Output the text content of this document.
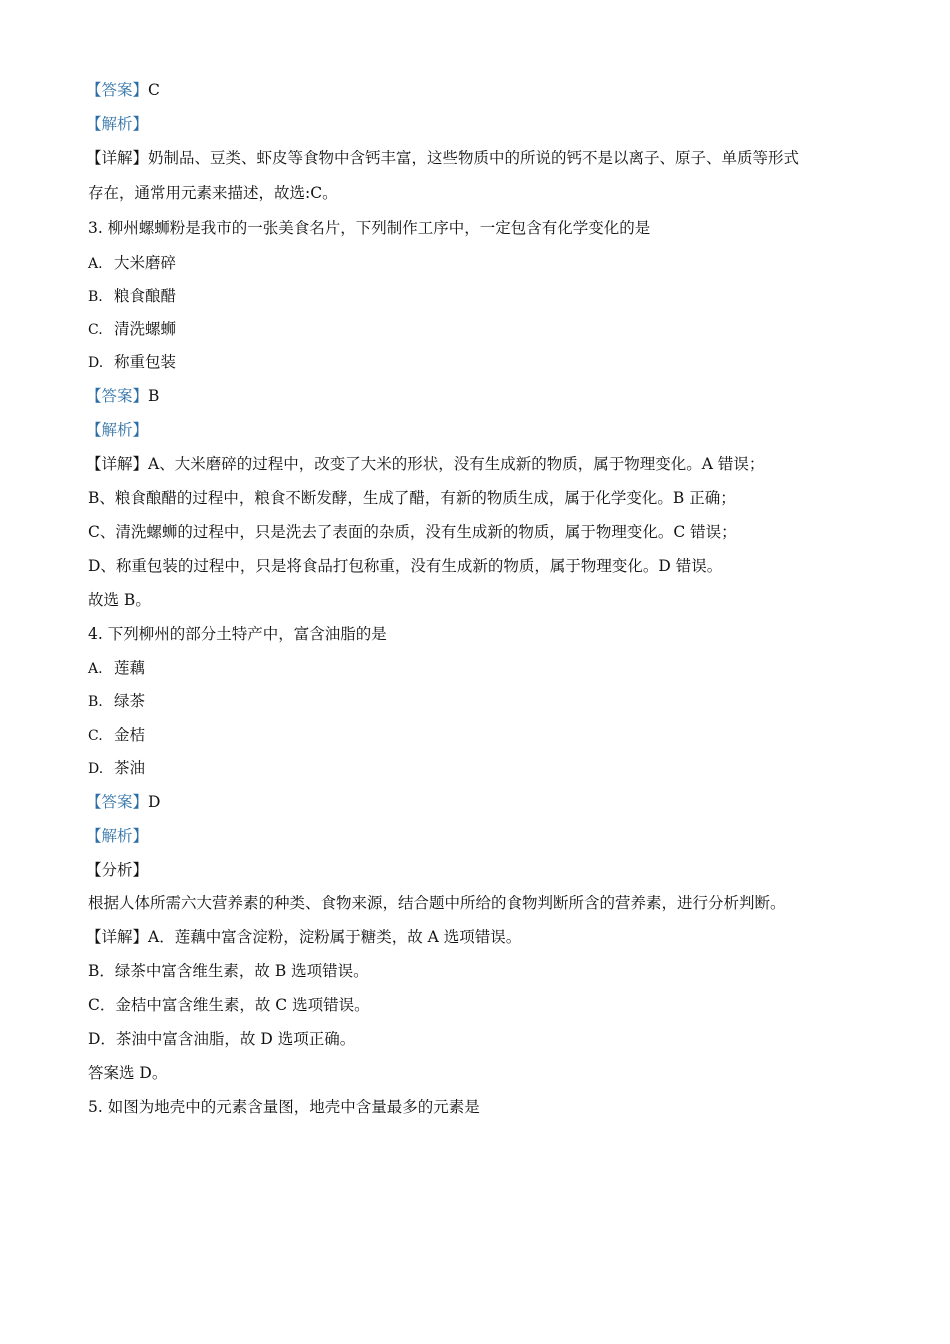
【答案】C
【解析】
【详解】奶制品、豆类、虾皮等食物中含钙丰富，这些物质中的所说的钙不是以离子、原子、单质等形式
存在，通常用元素来描述，故选:C。
3. 柳州螺蛳粉是我市的一张美食名片，下列制作工序中，一定包含有化学变化的是
A. 大米磨碎
B. 粮食酿醋
C. 清洗螺蛳
D. 称重包装
【答案】B
【解析】
【详解】A、大米磨碎的过程中，改变了大米的形状，没有生成新的物质，属于物理变化。A 错误；
B、粮食酿醋的过程中，粮食不断发酵，生成了醋，有新的物质生成，属于化学变化。B 正确；
C、清洗螺蛳的过程中，只是洗去了表面的杂质，没有生成新的物质，属于物理变化。C 错误；
D、称重包装的过程中，只是将食品打包称重，没有生成新的物质，属于物理变化。D 错误。
故选 B。
4. 下列柳州的部分土特产中，富含油脂的是
A. 莲藕
B. 绿茶
C. 金桔
D. 茶油
【答案】D
【解析】
【分析】
根据人体所需六大营养素的种类、食物来源，结合题中所给的食物判断所含的营养素，进行分析判断。
【详解】A．莲藕中富含淀粉，淀粉属于糖类，故 A 选项错误。
B．绿茶中富含维生素，故 B 选项错误。
C．金桔中富含维生素，故 C 选项错误。
D．茶油中富含油脂，故 D 选项正确。
答案选 D。
5. 如图为地壳中的元素含量图，地壳中含量最多的元素是
